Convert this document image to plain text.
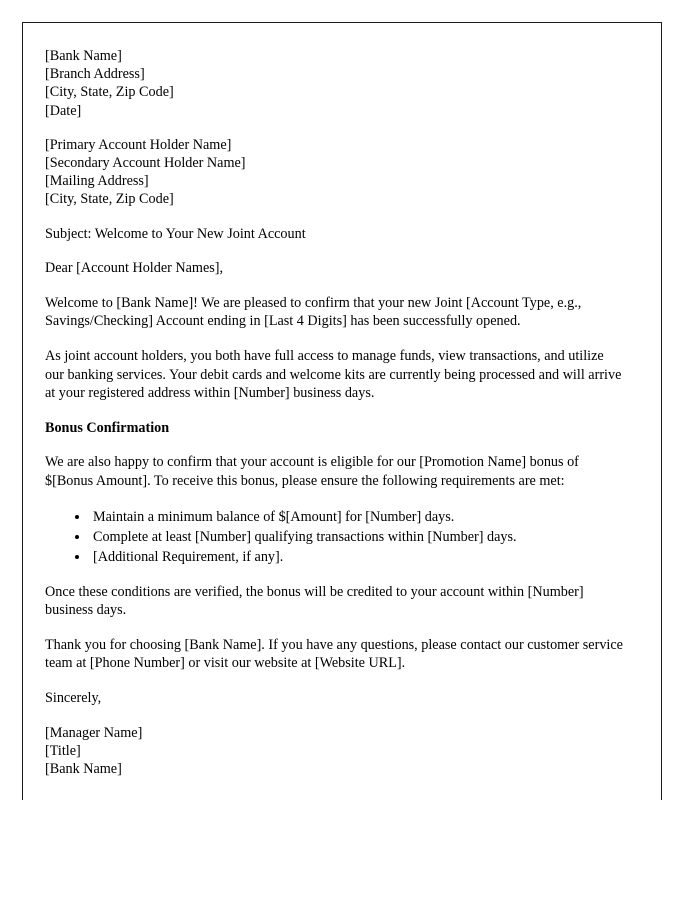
[Bank Name]
[Branch Address]
[City, State, Zip Code]
[Date]
[Primary Account Holder Name]
[Secondary Account Holder Name]
[Mailing Address]
[City, State, Zip Code]

Subject: Welcome to Your New Joint Account

Dear [Account Holder Names],

Welcome to [Bank Name]! We are pleased to confirm that your new Joint [Account Type, e.g., Savings/Checking] Account ending in [Last 4 Digits] has been successfully opened.

As joint account holders, you both have full access to manage funds, view transactions, and utilize our banking services. Your debit cards and welcome kits are currently being processed and will arrive at your registered address within [Number] business days.

Bonus Confirmation

We are also happy to confirm that your account is eligible for our [Promotion Name] bonus of $[Bonus Amount]. To receive this bonus, please ensure the following requirements are met:

• Maintain a minimum balance of $[Amount] for [Number] days.
• Complete at least [Number] qualifying transactions within [Number] days.
• [Additional Requirement, if any].

Once these conditions are verified, the bonus will be credited to your account within [Number] business days.

Thank you for choosing [Bank Name]. If you have any questions, please contact our customer service team at [Phone Number] or visit our website at [Website URL].

Sincerely,

[Manager Name]
[Title]
[Bank Name]
